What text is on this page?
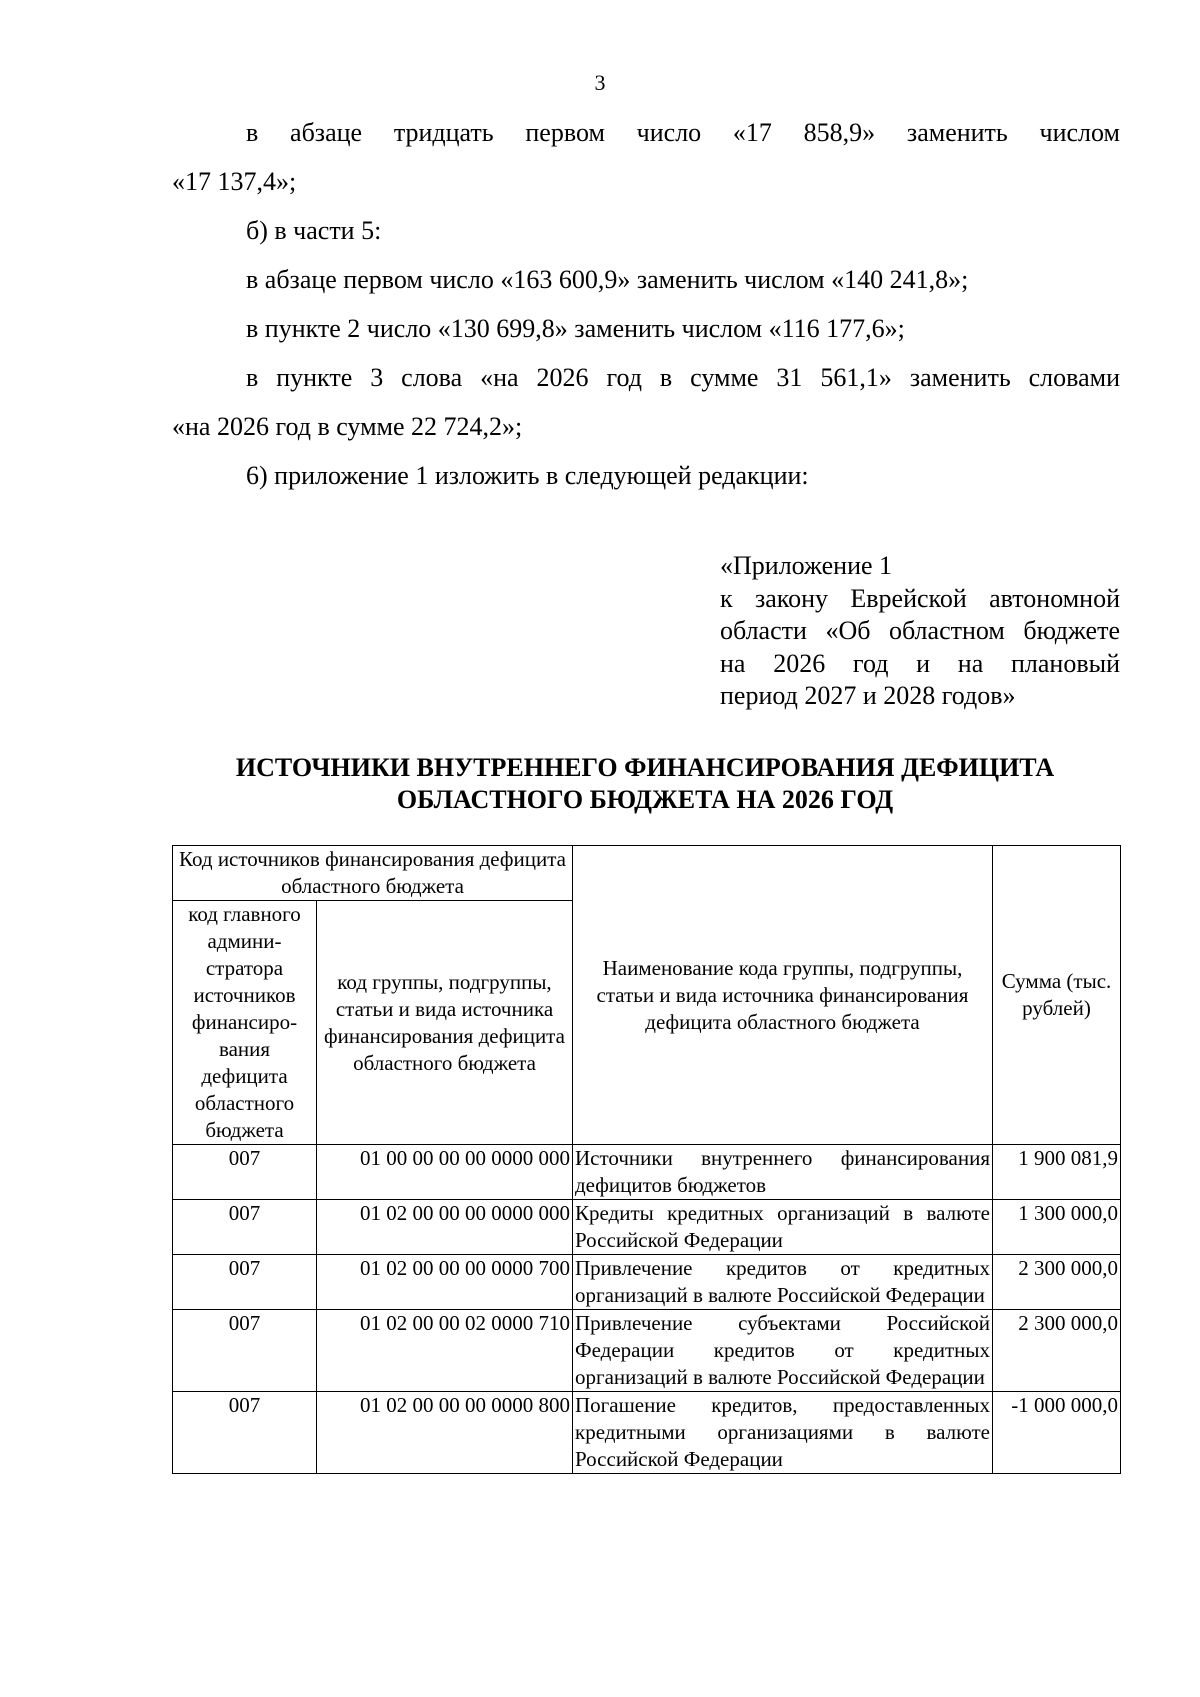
3
в абзаце тридцать первом число «17 858,9» заменить числом
«17 137,4»;
б) в части 5:
в абзаце первом число «163 600,9» заменить числом «140 241,8»;
в пункте 2 число «130 699,8» заменить числом «116 177,6»;
в пункте 3 слова «на 2026 год в сумме 31 561,1» заменить словами
«на 2026 год в сумме 22 724,2»;
6) приложение 1 изложить в следующей редакции:
«Приложение 1
к закону Еврейской автономной
области «Об областном бюджете
на 2026 год и на плановый
период 2027 и 2028 годов»
ИСТОЧНИКИ ВНУТРЕННЕГО ФИНАНСИРОВАНИЯ ДЕФИЦИТА
ОБЛАСТНОГО БЮДЖЕТА НА 2026 ГОД
Код источников финансирования дефицита областного бюджета		Наименование кода группы, подгруппы, статьи и вида источника финансирования дефицита областного бюджета	Сумма (тыс. рублей)
код главного админи-стратора источников финансиро-вания дефицита областного бюджета	код группы, подгруппы, статьи и вида источника финансирования дефицита областного бюджета		
007	01 00 00 00 00 0000 000	Источники внутреннего финансирования дефицитов бюджетов	1 900 081,9
007	01 02 00 00 00 0000 000	Кредиты кредитных организаций в валюте Российской Федерации	1 300 000,0
007	01 02 00 00 00 0000 700	Привлечение кредитов от кредитных организаций в валюте Российской Федерации	2 300 000,0
007	01 02 00 00 02 0000 710	Привлечение субъектами Российской Федерации кредитов от кредитных организаций в валюте Российской Федерации	2 300 000,0
007	01 02 00 00 00 0000 800	Погашение кредитов, предоставленных кредитными организациями в валюте Российской Федерации	-1 000 000,0
